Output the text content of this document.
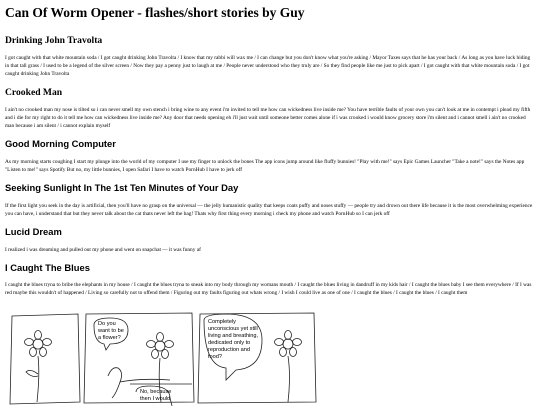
Can Of Worm Opener - flashes/short stories by Guy
Drinking John Travolta

I got caught with that white mountain soda / I got caught drinking John Travolta / I know that my rabbi will wax me / I can change but you don't know what you're asking / Mayor Taxes says that he has your back / As long as you have luck hiding in that tall grass / I used to be a legend of the silver screen / Now they pay a penny just to laugh at me / People never understood who they truly are / So they find people like me just to pick apart / I got caught with that white mountain soda / I got caught drinking John Travolta

Crooked Man

I ain't no crooked man my nose is tilted so i can never smell my own stench i bring wine to any event i'm invited to tell me how can wickedness live inside me? You have terrible faults of your own you can't look at me in contempt i plead my fifth and i die for my right to do it tell me how can wickedness live inside me? Any door that needs opening eh i'll just wait until someone better comes alone if i was crooked i would know grocery store i'm silent and i cannot smell i ain't no crooked man because i am silent / i cannot explain myself

Good Morning Computer

As my morning starts coughing I start my plunge into the world of my computer I use my finger to unlock the bones The app icons jump around like fluffy bunnies! "Play with me!" says Epic Games Launcher "Take a note!" says the Notes app "Listen to me!" says Spotify But no, my little bunnies, I open Safari I have to watch PornHub I have to jerk off

Seeking Sunlight In The 1st Ten Minutes of Your Day

If the first light you seek in the day is artificial, then you'll have no grasp on the universal — the jelly humanistic quality that keeps coats puffy and noses stuffy — people try and drown out there life because it is the most overwhelming experience you can have, i understand that but they never talk about the cat thats never left the bag! Thats why first thing every morning i check my phone and watch PornHub so I can jerk off

Lucid Dream

I realized i was dreaming and pulled out my phone and went on snapchat — it was funny af

I Caught The Blues

I caught the blues tryna to bribe the elephants in my house / I caught the blues tryna to sneak into my body through my womans mouth / I caught the blues living in dandruff in my kids hair / I caught the blues baby I see them everywhere / If I was red maybe this wouldn't of happened / Living so carefully not to offend them / Figuring out my faults figuring out whats wrong / I wish I could live as one of one / I caught the blues / I caught the blues / I caught them

Do you want to be a flower?
Completely unconscious yet still living and breathing, dedicated only to reproduction and food?
No, because then I would
